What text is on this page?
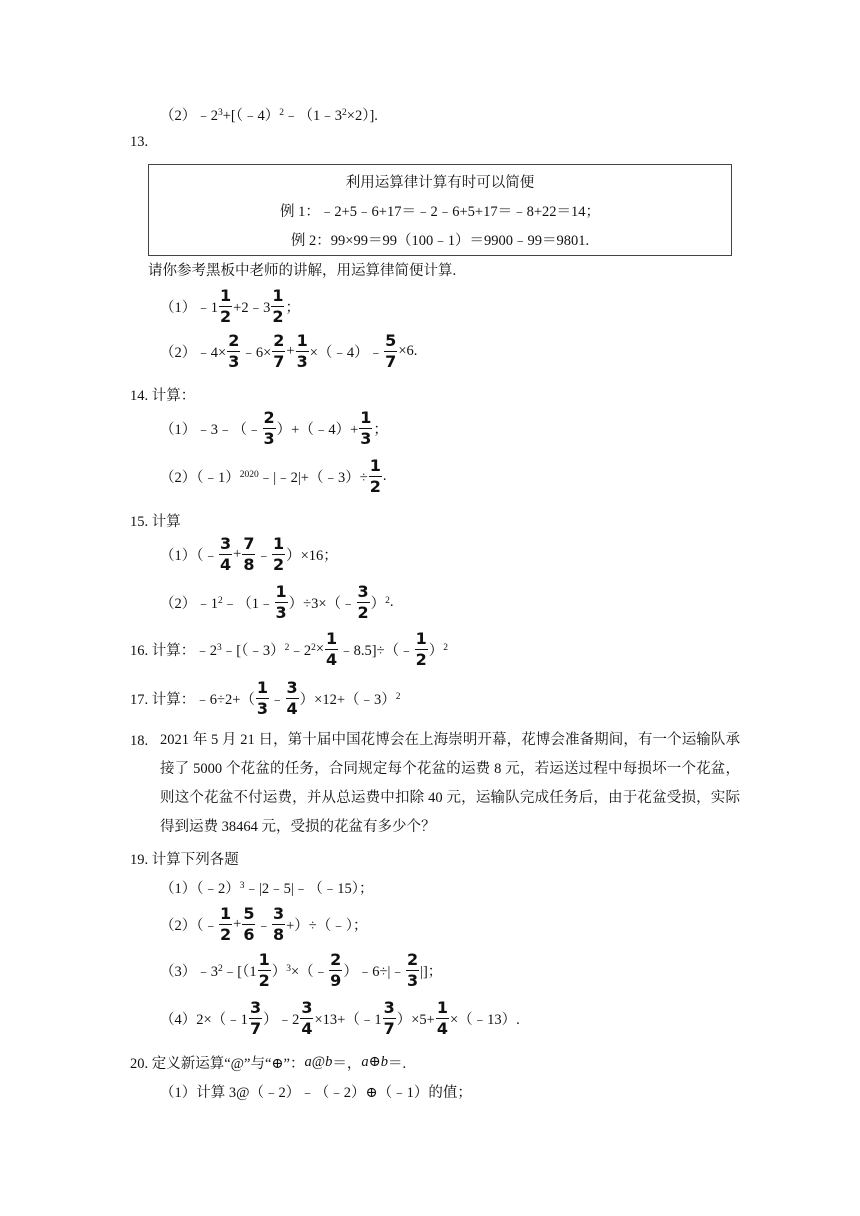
$(2)﹣2^3$ +[（﹣4）$^2$ $﹣(1﹣3^2 \times 2)$].
13.
利用运算律计算有时可以简便
例 1：﹣2+5﹣6+17＝﹣2﹣6+5+17＝﹣8+22＝14；
例 2：99×99＝99（100﹣1）＝9900﹣99＝9801.
请你参考黑板中老师的讲解，用运算律简便计算.
（1）﹣1 $\frac{1}{2}$ +2﹣3 $\frac{1}{2}$ ；
（2）﹣4× $\frac{2}{3}$ ﹣6× $\frac{2}{7} + \frac{1}{3}$ ×（﹣4）﹣ $\frac{5}{7} \times 6$.
14. 计算：
（1）﹣3﹣（﹣ $\frac{2}{3}$ ）+（﹣4）+ $\frac{1}{3}$ ；
（2）（﹣1）$^{2020}$ ﹣|﹣2|+（﹣3）÷ $\frac{1}{2}$ .
15. 计算
（1）（﹣ $\frac{3}{4} + \frac{7}{8}$ ﹣ $\frac{1}{2} )\times 16$；
$(2)﹣1^2$ ﹣（1﹣ $\frac{1}{3}$ ）÷3×（﹣ $\frac{3}{2} )^2$ .
16. 计算：$﹣2^3$ ﹣[（﹣3）$^2$ $﹣2^2 \times \frac{1}{4}$ ﹣8.5]÷（﹣ $\frac{1}{2} )^2$
17. 计算：﹣6÷2+（ $\frac{1}{3}$ ﹣ $\frac{3}{4}$ ）×12+（﹣3）$^2$
18. 2021 年 5 月 21 日，第十届中国花博会在上海崇明开幕，花博会准备期间，有一个运输队承接了 5000 个花盆的任务，合同规定每个花盆的运费 8 元，若运送过程中每损坏一个花盆，则这个花盆不付运费，并从总运费中扣除 40 元，运输队完成任务后，由于花盆受损，实际得到运费 38464 元，受损的花盆有多少个？
19. 计算下列各题
（1）（﹣2）$^3$ ﹣|2﹣5|﹣（﹣15）；
（2）（﹣ $\frac{1}{2} + \frac{5}{6}$ ﹣ $\frac{3}{8}$ +）÷（﹣）；
$(3)﹣3^2$ ﹣[（1 $\frac{1}{2} )^3$ ×（﹣ $\frac{2}{9}$ ）﹣6÷|﹣ $\frac{2}{3}$ |]；
（4）2×（﹣1 $\frac{3}{7}$ ）﹣2 $\frac{3}{4}$ ×13+（﹣1 $\frac{3}{7} )\times 5+ \frac{1}{4}$ ×（﹣13）.
20. 定义新运算“@”与“⊕”： a @ b ＝， a ⊕ b ＝.
（1）计算 3@（﹣2）﹣（﹣2）⊕（﹣1）的值；
